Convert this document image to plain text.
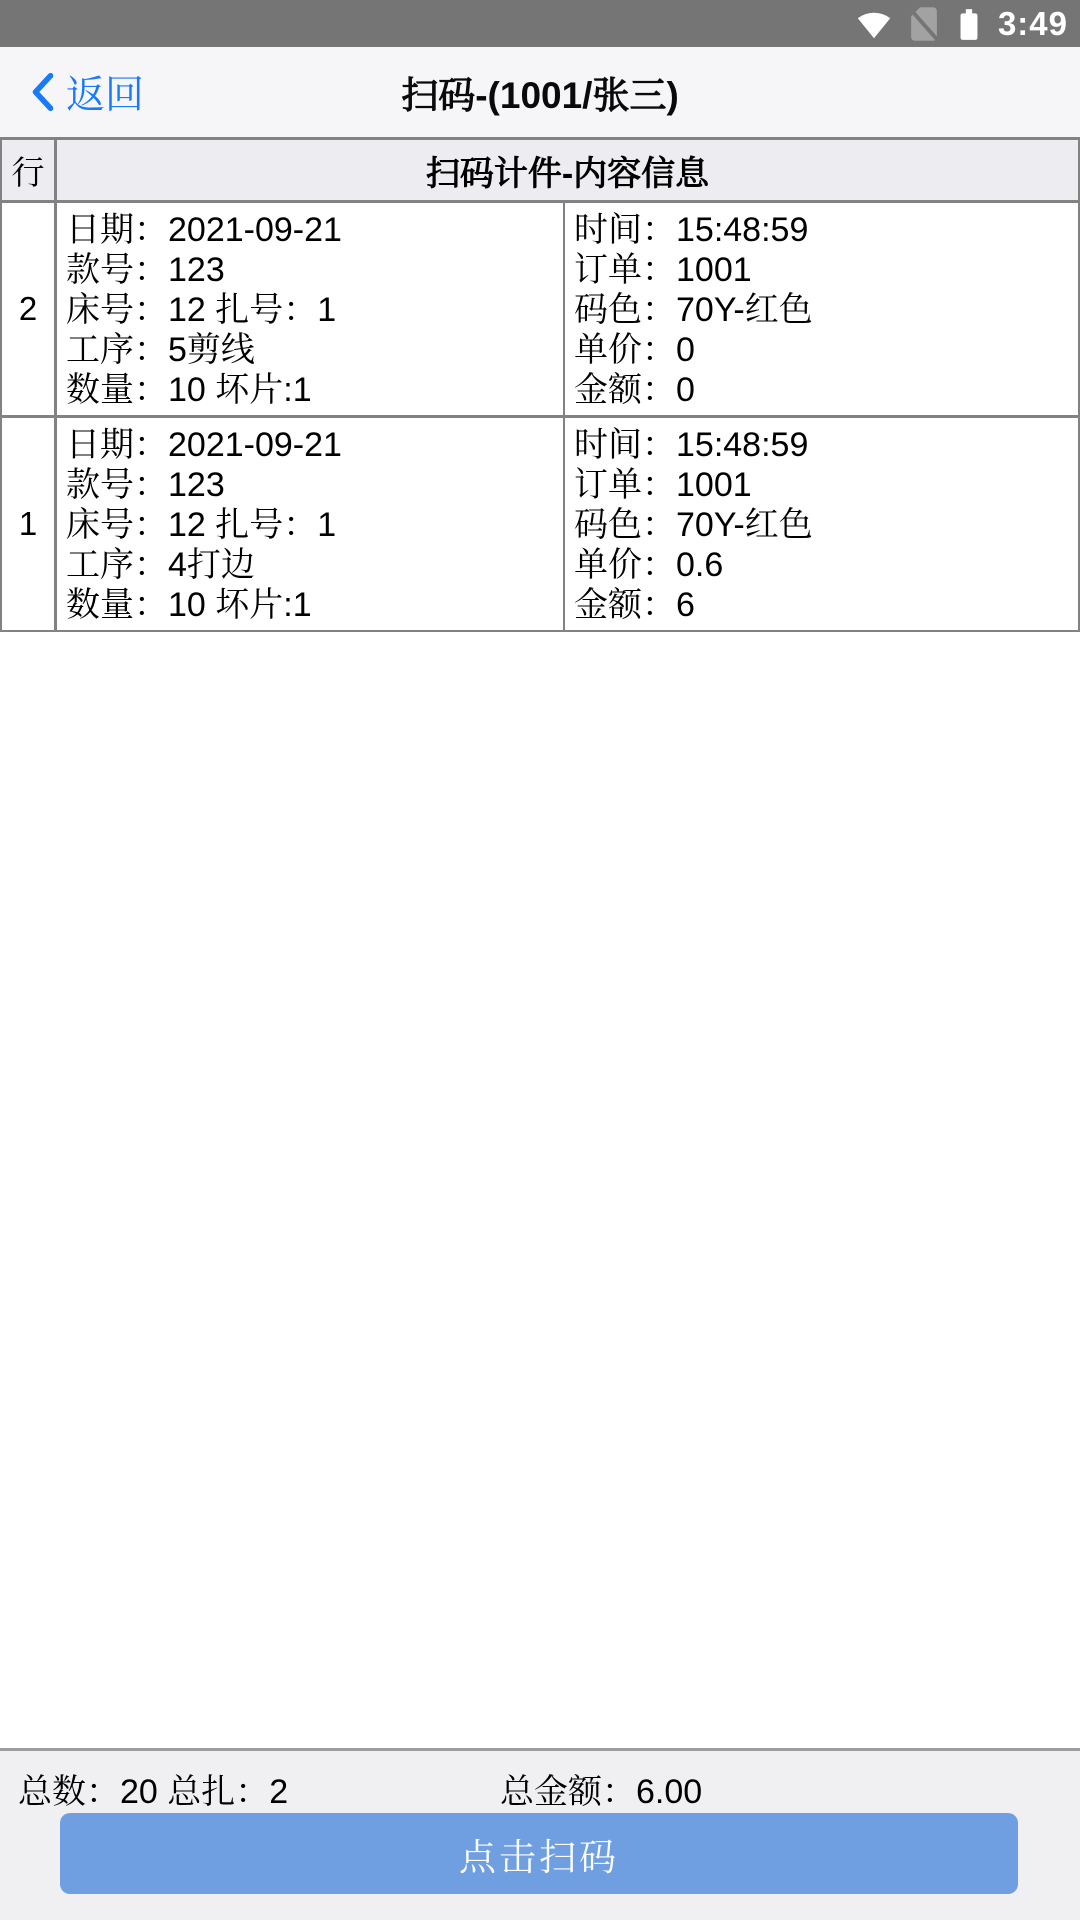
3:49
扫码-(1001/张三)
返回
行	扫码计件-内容信息
2
日期：2021-09-21
款号：123
床号：12 扎号：1
工序：5剪线
数量：10 坏片:1
时间：15:48:59
订单：1001
码色：70Y-红色
单价：0
金额：0
1
日期：2021-09-21
款号：123
床号：12 扎号：1
工序：4打边
数量：10 坏片:1
时间：15:48:59
订单：1001
码色：70Y-红色
单价：0.6
金额：6
总数：20 总扎：2	总金额：6.00
点击扫码
